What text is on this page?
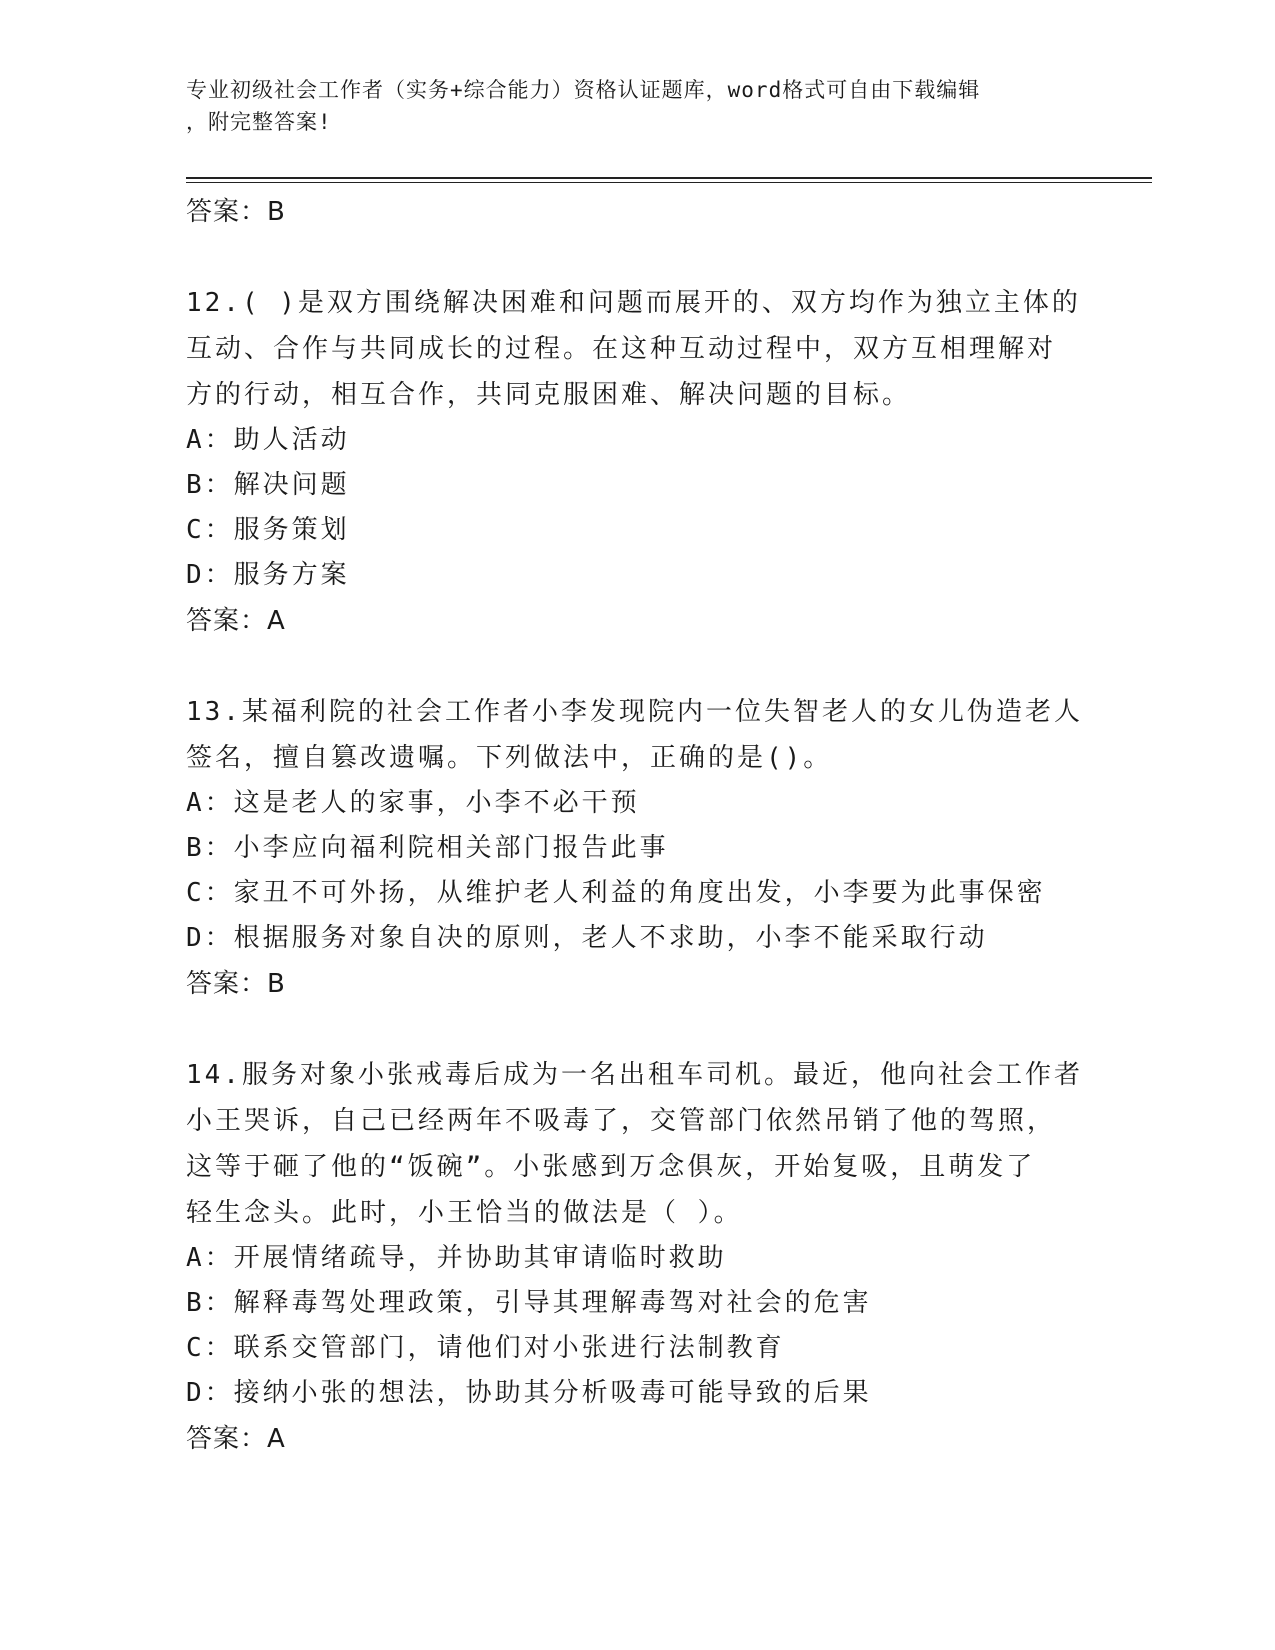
专业初级社会工作者（实务+综合能力）资格认证题库，word格式可自由下载编辑
，附完整答案!
答案：B
12.( )是双方围绕解决困难和问题而展开的、双方均作为独立主体的
互动、合作与共同成长的过程。在这种互动过程中，双方互相理解对
方的行动，相互合作，共同克服困难、解决问题的目标。
A：助人活动
B：解决问题
C：服务策划
D：服务方案
答案：A
13.某福利院的社会工作者小李发现院内一位失智老人的女儿伪造老人
签名，擅自篡改遗嘱。下列做法中，正确的是()。
A：这是老人的家事，小李不必干预
B：小李应向福利院相关部门报告此事
C：家丑不可外扬，从维护老人利益的角度出发，小李要为此事保密
D：根据服务对象自决的原则，老人不求助，小李不能采取行动
答案：B
14.服务对象小张戒毒后成为一名出租车司机。最近，他向社会工作者
小王哭诉，自己已经两年不吸毒了，交管部门依然吊销了他的驾照，
这等于砸了他的“饭碗”。小张感到万念俱灰，开始复吸，且萌发了
轻生念头。此时，小王恰当的做法是（ ）。
A：开展情绪疏导，并协助其审请临时救助
B：解释毒驾处理政策，引导其理解毒驾对社会的危害
C：联系交管部门，请他们对小张进行法制教育
D：接纳小张的想法，协助其分析吸毒可能导致的后果
答案：A
